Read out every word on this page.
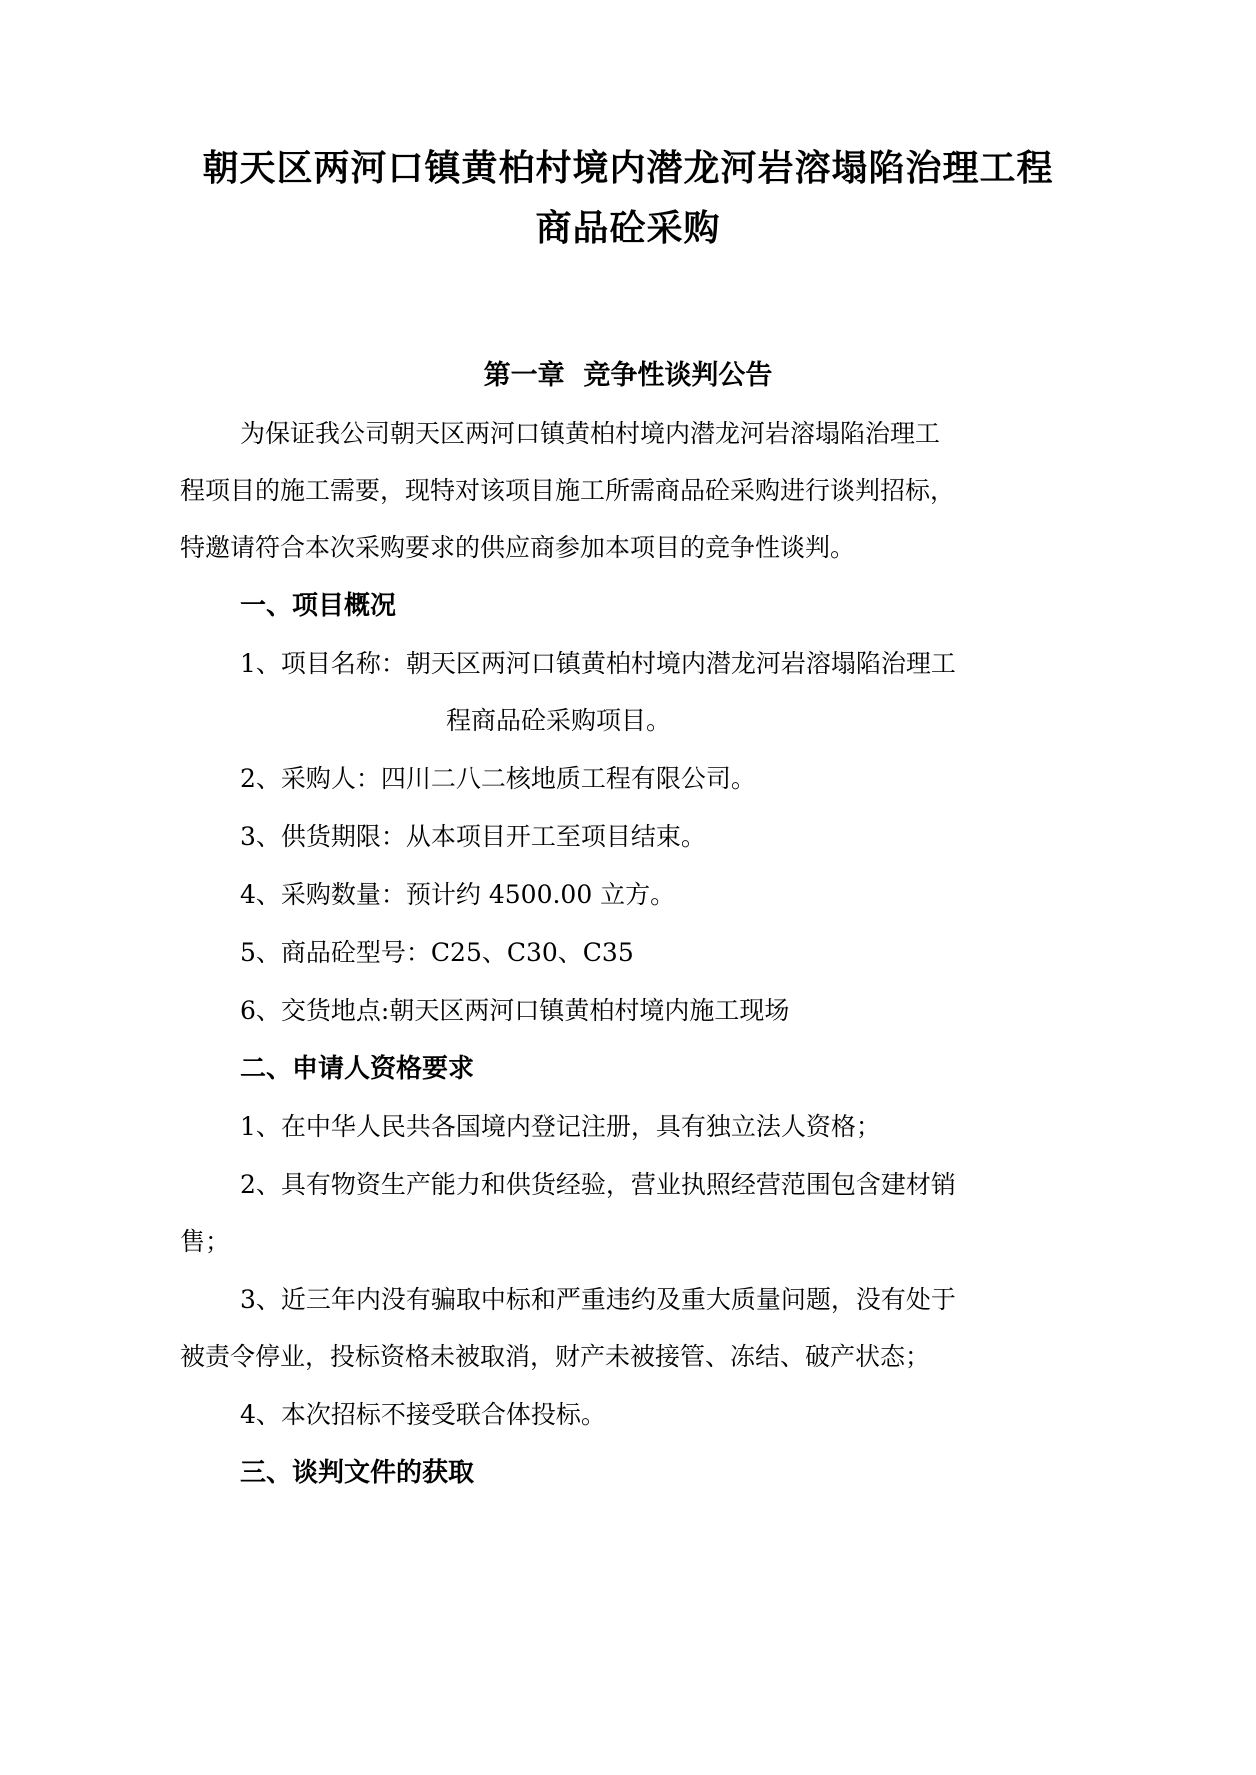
朝天区两河口镇黄柏村境内潜龙河岩溶塌陷治理工程
商品砼采购
第一章  竞争性谈判公告
为保证我公司朝天区两河口镇黄柏村境内潜龙河岩溶塌陷治理工
程项目的施工需要，现特对该项目施工所需商品砼采购进行谈判招标，
特邀请符合本次采购要求的供应商参加本项目的竞争性谈判。
一、项目概况
1、项目名称：朝天区两河口镇黄柏村境内潜龙河岩溶塌陷治理工
程商品砼采购项目。
2、采购人：四川二八二核地质工程有限公司。
3、供货期限：从本项目开工至项目结束。
4、采购数量：预计约 4500.00 立方。
5、商品砼型号：C25、C30、C35
6、交货地点:朝天区两河口镇黄柏村境内施工现场
二、申请人资格要求
1、在中华人民共各国境内登记注册，具有独立法人资格；
2、具有物资生产能力和供货经验，营业执照经营范围包含建材销
售；
3、近三年内没有骗取中标和严重违约及重大质量问题，没有处于
被责令停业，投标资格未被取消，财产未被接管、冻结、破产状态；
4、本次招标不接受联合体投标。
三、谈判文件的获取
